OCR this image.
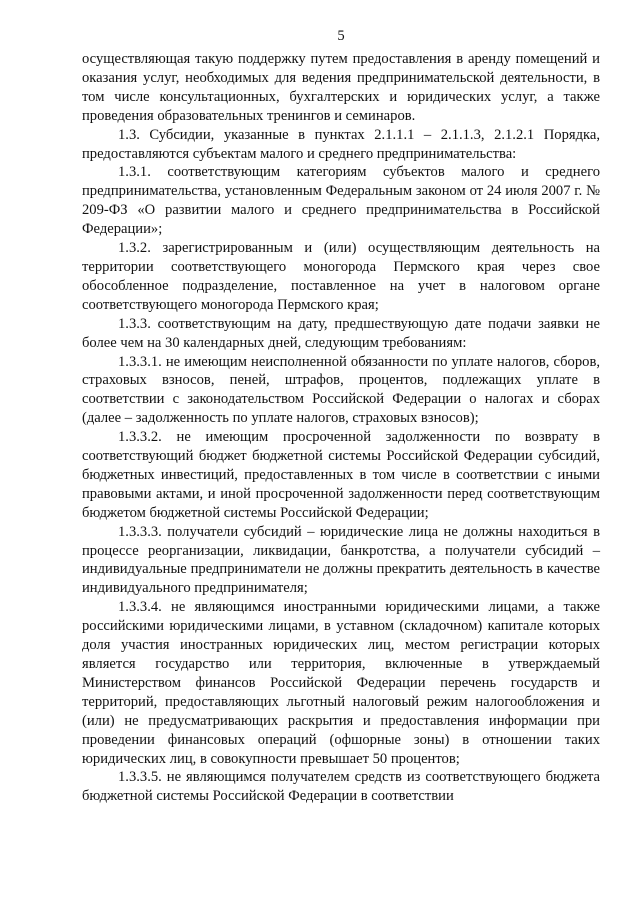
5

осуществляющая такую поддержку путем предоставления в аренду помещений и оказания услуг, необходимых для ведения предпринимательской деятельности, в том числе консультационных, бухгалтерских и юридических услуг, а также проведения образовательных тренингов и семинаров.

1.3. Субсидии, указанные в пунктах 2.1.1.1 – 2.1.1.3, 2.1.2.1 Порядка, предоставляются субъектам малого и среднего предпринимательства:

1.3.1. соответствующим категориям субъектов малого и среднего предпринимательства, установленным Федеральным законом от 24 июля 2007 г. № 209-ФЗ «О развитии малого и среднего предпринимательства в Российской Федерации»;

1.3.2. зарегистрированным и (или) осуществляющим деятельность на территории соответствующего моногорода Пермского края через свое обособленное подразделение, поставленное на учет в налоговом органе соответствующего моногорода Пермского края;

1.3.3. соответствующим на дату, предшествующую дате подачи заявки не более чем на 30 календарных дней, следующим требованиям:

1.3.3.1. не имеющим неисполненной обязанности по уплате налогов, сборов, страховых взносов, пеней, штрафов, процентов, подлежащих уплате в соответствии с законодательством Российской Федерации о налогах и сборах (далее – задолженность по уплате налогов, страховых взносов);

1.3.3.2. не имеющим просроченной задолженности по возврату в соответствующий бюджет бюджетной системы Российской Федерации субсидий, бюджетных инвестиций, предоставленных в том числе в соответствии с иными правовыми актами, и иной просроченной задолженности перед соответствующим бюджетом бюджетной системы Российской Федерации;

1.3.3.3. получатели субсидий – юридические лица не должны находиться в процессе реорганизации, ликвидации, банкротства, а получатели субсидий – индивидуальные предприниматели не должны прекратить деятельность в качестве индивидуального предпринимателя;

1.3.3.4. не являющимся иностранными юридическими лицами, а также российскими юридическими лицами, в уставном (складочном) капитале которых доля участия иностранных юридических лиц, местом регистрации которых является государство или территория, включенные в утверждаемый Министерством финансов Российской Федерации перечень государств и территорий, предоставляющих льготный налоговый режим налогообложения и (или) не предусматривающих раскрытия и предоставления информации при проведении финансовых операций (офшорные зоны) в отношении таких юридических лиц, в совокупности превышает 50 процентов;

1.3.3.5. не являющимся получателем средств из соответствующего бюджета бюджетной системы Российской Федерации в соответствии
